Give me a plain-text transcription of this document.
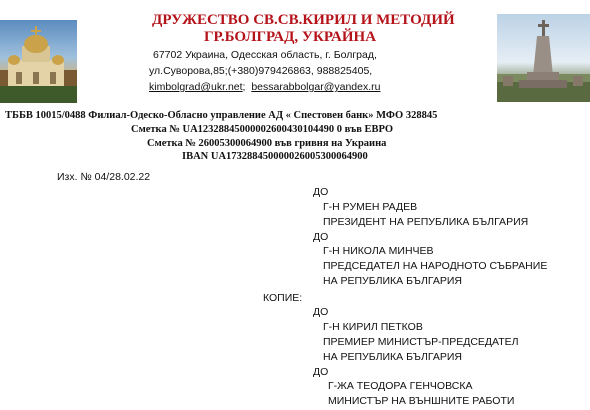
ДРУЖЕСТВО СВ.СВ.КИРИЛ И МЕТОДИЙ
ГР.БОЛГРАД, УКРАЙНА
67702 Украина, Одесская область, г. Болград,
ул.Суворова,85;(+380)979426863, 988825405,
kimbolgrad@ukr.net; bessarabbolgar@yandex.ru
ТББВ 10015/0488 Филиал-Одеско-Обласно управление АД « Спестовен банк» МФО 328845
Сметка № UA12328845000002600430104490 0 във ЕВРО
Сметка № 26005300064900 във гривня на Украина
IBAN UA173288450000026005300064900
Изх. № 04/28.02.22
ДО
Г-Н РУМЕН РАДЕВ
ПРЕЗИДЕНТ НА РЕПУБЛИКА БЪЛГАРИЯ
ДО
Г-Н НИКОЛА МИНЧЕВ
ПРЕДСЕДАТЕЛ НА НАРОДНОТО СЪБРАНИЕ
НА РЕПУБЛИКА БЪЛГАРИЯ
КОПИЕ:
ДО
Г-Н КИРИЛ ПЕТКОВ
ПРЕМИЕР МИНИСТЪР-ПРЕДСЕДАТЕЛ
НА РЕПУБЛИКА БЪЛГАРИЯ
ДО
Г-ЖА ТЕОДОРА ГЕНЧОВСКА
МИНИСТЪР НА ВЪНШНИТЕ РАБОТИ
